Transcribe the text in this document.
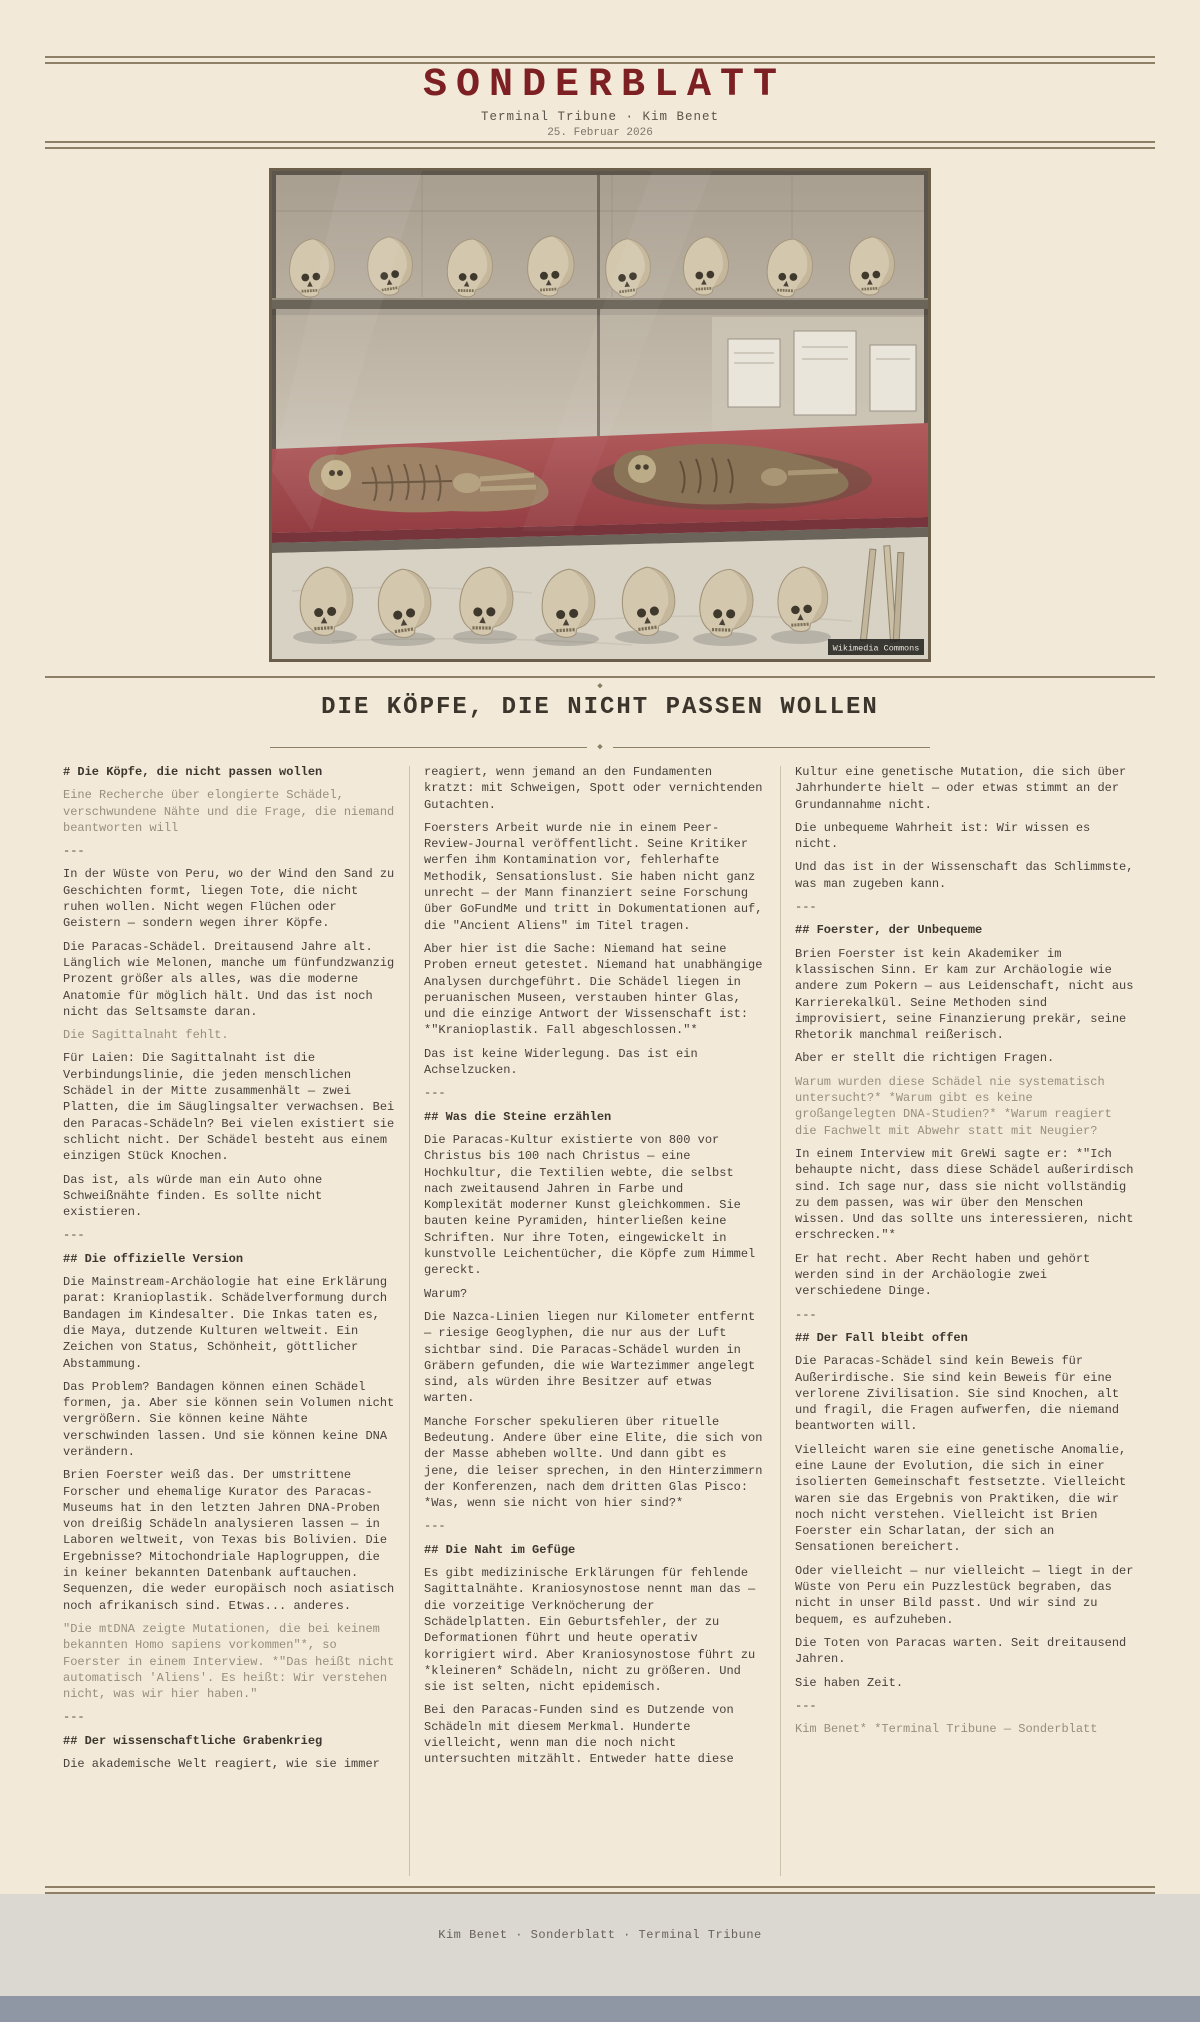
SONDERBLATT
Terminal Tribune · Kim Benet
25. Februar 2026
Wikimedia Commons
◆
DIE KÖPFE, DIE NICHT PASSEN WOLLEN
◆

# Die Köpfe, die nicht passen wollen

Eine Recherche über elongierte Schädel, verschwundene Nähte und die Frage, die niemand beantworten will

---

In der Wüste von Peru, wo der Wind den Sand zu Geschichten formt, liegen Tote, die nicht ruhen wollen. Nicht wegen Flüchen oder Geistern — sondern wegen ihrer Köpfe.

Die Paracas-Schädel. Dreitausend Jahre alt. Länglich wie Melonen, manche um fünfundzwanzig Prozent größer als alles, was die moderne Anatomie für möglich hält. Und das ist noch nicht das Seltsamste daran.

Die Sagittalnaht fehlt.

Für Laien: Die Sagittalnaht ist die Verbindungslinie, die jeden menschlichen Schädel in der Mitte zusammenhält — zwei Platten, die im Säuglingsalter verwachsen. Bei den Paracas-Schädeln? Bei vielen existiert sie schlicht nicht. Der Schädel besteht aus einem einzigen Stück Knochen.

Das ist, als würde man ein Auto ohne Schweißnähte finden. Es sollte nicht existieren.

---

## Die offizielle Version

Die Mainstream-Archäologie hat eine Erklärung parat: Kranioplastik. Schädelverformung durch Bandagen im Kindesalter. Die Inkas taten es, die Maya, dutzende Kulturen weltweit. Ein Zeichen von Status, Schönheit, göttlicher Abstammung.

Das Problem? Bandagen können einen Schädel formen, ja. Aber sie können sein Volumen nicht vergrößern. Sie können keine Nähte verschwinden lassen. Und sie können keine DNA verändern.

Brien Foerster weiß das. Der umstrittene Forscher und ehemalige Kurator des Paracas-Museums hat in den letzten Jahren DNA-Proben von dreißig Schädeln analysieren lassen — in Laboren weltweit, von Texas bis Bolivien. Die Ergebnisse? Mitochondriale Haplogruppen, die in keiner bekannten Datenbank auftauchen. Sequenzen, die weder europäisch noch asiatisch noch afrikanisch sind. Etwas... anderes.

"Die mtDNA zeigte Mutationen, die bei keinem bekannten Homo sapiens vorkommen"*, so Foerster in einem Interview. *"Das heißt nicht automatisch 'Aliens'. Es heißt: Wir verstehen nicht, was wir hier haben."

---

## Der wissenschaftliche Grabenkrieg

Die akademische Welt reagiert, wie sie immer

reagiert, wenn jemand an den Fundamenten kratzt: mit Schweigen, Spott oder vernichtenden Gutachten.

Foersters Arbeit wurde nie in einem Peer-Review-Journal veröffentlicht. Seine Kritiker werfen ihm Kontamination vor, fehlerhafte Methodik, Sensationslust. Sie haben nicht ganz unrecht — der Mann finanziert seine Forschung über GoFundMe und tritt in Dokumentationen auf, die "Ancient Aliens" im Titel tragen.

Aber hier ist die Sache: Niemand hat seine Proben erneut getestet. Niemand hat unabhängige Analysen durchgeführt. Die Schädel liegen in peruanischen Museen, verstauben hinter Glas, und die einzige Antwort der Wissenschaft ist: *"Kranioplastik. Fall abgeschlossen."*

Das ist keine Widerlegung. Das ist ein Achselzucken.

---

## Was die Steine erzählen

Die Paracas-Kultur existierte von 800 vor Christus bis 100 nach Christus — eine Hochkultur, die Textilien webte, die selbst nach zweitausend Jahren in Farbe und Komplexität moderner Kunst gleichkommen. Sie bauten keine Pyramiden, hinterließen keine Schriften. Nur ihre Toten, eingewickelt in kunstvolle Leichentücher, die Köpfe zum Himmel gereckt.

Warum?

Die Nazca-Linien liegen nur Kilometer entfernt — riesige Geoglyphen, die nur aus der Luft sichtbar sind. Die Paracas-Schädel wurden in Gräbern gefunden, die wie Wartezimmer angelegt sind, als würden ihre Besitzer auf etwas warten.

Manche Forscher spekulieren über rituelle Bedeutung. Andere über eine Elite, die sich von der Masse abheben wollte. Und dann gibt es jene, die leiser sprechen, in den Hinterzimmern der Konferenzen, nach dem dritten Glas Pisco: *Was, wenn sie nicht von hier sind?*

---

## Die Naht im Gefüge

Es gibt medizinische Erklärungen für fehlende Sagittalnähte. Kraniosynostose nennt man das — die vorzeitige Verknöcherung der Schädelplatten. Ein Geburtsfehler, der zu Deformationen führt und heute operativ korrigiert wird. Aber Kraniosynostose führt zu *kleineren* Schädeln, nicht zu größeren. Und sie ist selten, nicht epidemisch.

Bei den Paracas-Funden sind es Dutzende von Schädeln mit diesem Merkmal. Hunderte vielleicht, wenn man die noch nicht untersuchten mitzählt. Entweder hatte diese

Kultur eine genetische Mutation, die sich über Jahrhunderte hielt — oder etwas stimmt an der Grundannahme nicht.

Die unbequeme Wahrheit ist: Wir wissen es nicht.

Und das ist in der Wissenschaft das Schlimmste, was man zugeben kann.

---

## Foerster, der Unbequeme

Brien Foerster ist kein Akademiker im klassischen Sinn. Er kam zur Archäologie wie andere zum Pokern — aus Leidenschaft, nicht aus Karrierekalkül. Seine Methoden sind improvisiert, seine Finanzierung prekär, seine Rhetorik manchmal reißerisch.

Aber er stellt die richtigen Fragen.

Warum wurden diese Schädel nie systematisch untersucht?* *Warum gibt es keine großangelegten DNA-Studien?* *Warum reagiert die Fachwelt mit Abwehr statt mit Neugier?

In einem Interview mit GreWi sagte er: *"Ich behaupte nicht, dass diese Schädel außerirdisch sind. Ich sage nur, dass sie nicht vollständig zu dem passen, was wir über den Menschen wissen. Und das sollte uns interessieren, nicht erschrecken."*

Er hat recht. Aber Recht haben und gehört werden sind in der Archäologie zwei verschiedene Dinge.

---

## Der Fall bleibt offen

Die Paracas-Schädel sind kein Beweis für Außerirdische. Sie sind kein Beweis für eine verlorene Zivilisation. Sie sind Knochen, alt und fragil, die Fragen aufwerfen, die niemand beantworten will.

Vielleicht waren sie eine genetische Anomalie, eine Laune der Evolution, die sich in einer isolierten Gemeinschaft festsetzte. Vielleicht waren sie das Ergebnis von Praktiken, die wir noch nicht verstehen. Vielleicht ist Brien Foerster ein Scharlatan, der sich an Sensationen bereichert.

Oder vielleicht — nur vielleicht — liegt in der Wüste von Peru ein Puzzlestück begraben, das nicht in unser Bild passt. Und wir sind zu bequem, es aufzuheben.

Die Toten von Paracas warten. Seit dreitausend Jahren.

Sie haben Zeit.

---

Kim Benet* *Terminal Tribune — Sonderblatt

Kim Benet · Sonderblatt · Terminal Tribune
